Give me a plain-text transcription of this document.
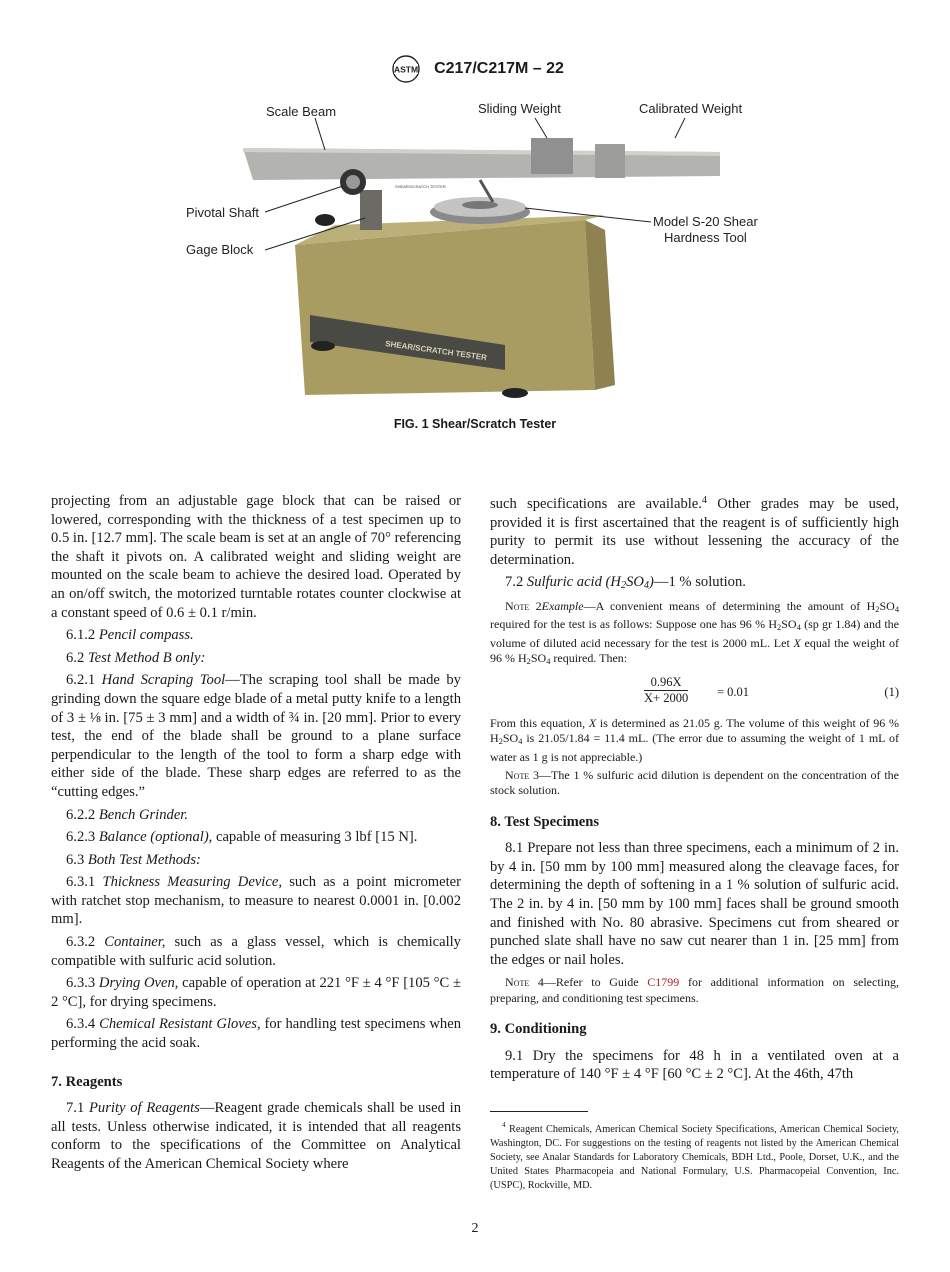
ASTM C217/C217M – 22
SHEAR/SCRATCH TESTER
SHEAR/SCRATCH TESTER
Scale Beam	Sliding Weight	Calibrated Weight
Pivotal Shaft
Gage Block
Model S-20 Shear
Hardness Tool
FIG. 1 Shear/Scratch Tester

projecting from an adjustable gage block that can be raised or lowered, corresponding with the thickness of a test specimen up to 0.5 in. [12.7 mm]. The scale beam is set at an angle of 70° referencing the shaft it pivots on. A calibrated weight and sliding weight are mounted on the scale beam to achieve the desired load. Operated by an on/off switch, the motorized turntable rotates counter clockwise at a constant speed of 0.6 ± 0.1 r/min.

6.1.2 Pencil compass.

6.2 Test Method B only:

6.2.1 Hand Scraping Tool—The scraping tool shall be made by grinding down the square edge blade of a metal putty knife to a length of 3 ± ⅛ in. [75 ± 3 mm] and a width of ¾ in. [20 mm]. Prior to every test, the end of the blade shall be ground to a plane surface perpendicular to the length of the tool to form a sharp edge with either side of the blade. These sharp edges are referred to as the “cutting edges.”

6.2.2 Bench Grinder.

6.2.3 Balance (optional), capable of measuring 3 lbf [15 N].

6.3 Both Test Methods:

6.3.1 Thickness Measuring Device, such as a point micrometer with ratchet stop mechanism, to measure to nearest 0.0001 in. [0.002 mm].

6.3.2 Container, such as a glass vessel, which is chemically compatible with sulfuric acid solution.

6.3.3 Drying Oven, capable of operation at 221 °F ± 4 °F [105 °C ± 2 °C], for drying specimens.

6.3.4 Chemical Resistant Gloves, for handling test specimens when performing the acid soak.

7. Reagents

7.1 Purity of Reagents—Reagent grade chemicals shall be used in all tests. Unless otherwise indicated, it is intended that all reagents conform to the specifications of the Committee on Analytical Reagents of the American Chemical Society where

such specifications are available.$^4$ Other grades may be used, provided it is first ascertained that the reagent is of sufficiently high purity to permit its use without lessening the accuracy of the determination.

7.2 Sulfuric acid $(H_2SO_4)—1$ % solution.

Note 2Example—A convenient means of determining the amount of $H_2SO_4$ required for the test is as follows: Suppose one has 96 % $H_2SO_4$ (sp gr 1.84) and the volume of diluted acid necessary for the test is 2000 mL. Let X equal the weight of 96 % $H_2SO_4$ required. Then:

$\frac{0.96X}{X+ 2000} = 0.01$	(1)

From this equation, X is determined as 21.05 g. The volume of this weight of 96 % $H_2SO_4$ is 21.05/1.84 = 11.4 mL. (The error due to assuming the weight of 1 mL of water as 1 g is not appreciable.)

Note 3—The 1 % sulfuric acid dilution is dependent on the concentration of the stock solution.

8. Test Specimens

8.1 Prepare not less than three specimens, each a minimum of 2 in. by 4 in. [50 mm by 100 mm] measured along the cleavage faces, for determining the depth of softening in a 1 % solution of sulfuric acid. The 2 in. by 4 in. [50 mm by 100 mm] faces shall be ground smooth and finished with No. 80 abrasive. Specimens cut from sheared or punched slate shall have no saw cut nearer than 1 in. [25 mm] from the edges or nail holes.

Note 4—Refer to Guide C1799 for additional information on selecting, preparing, and conditioning test specimens.

9. Conditioning

9.1 Dry the specimens for 48 h in a ventilated oven at a temperature of 140 °F ± 4 °F [60 °C ± 2 °C]. At the 46th, 47th

$^4$ Reagent Chemicals, American Chemical Society Specifications, American Chemical Society, Washington, DC. For suggestions on the testing of reagents not listed by the American Chemical Society, see Analar Standards for Laboratory Chemicals, BDH Ltd., Poole, Dorset, U.K., and the United States Pharmacopeia and National Formulary, U.S. Pharmacopeial Convention, Inc. (USPC), Rockville, MD.

2
